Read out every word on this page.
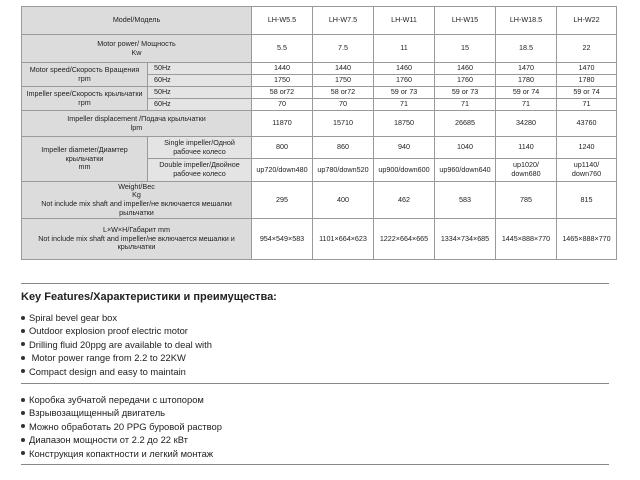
Model/Модель		LH-W5.5	LH-W7.5	LH-W11	LH-W15	LH-W18.5	LH-W22
Motor power/ Мощность
Kw		5.5	7.5	11	15	18.5	22
Motor speed/Скорость Вращения
rpm	50Hz	1440	1440	1460	1460	1470	1470
	60Hz	1750	1750	1760	1760	1780	1780
Impeller spee/Скорость крыльчатки
rpm	50Hz	58 or72	58 or72	59 or 73	59 or 73	59 or 74	59 or 74
	60Hz	70	70	71	71	71	71
Impeller displacement /Подача крыльчатки
lpm		11870	15710	18750	26685	34280	43760
Impeller diameter/Диамтер крыльчатки
mm	Single impeller/Одной рабочее колесо	800	860	940	1040	1140	1240
	Double impeller/Двойное рабочее колесо	up720/down480	up780/down520	up900/down600	up960/down640	up1020/ down680	up1140/ down760
Weight/Вес
Kg
Not include mix shaft and impeller/не включается мешалки рыльчатки		295	400	462	583	785	815
L×W×H/Габарит mm
Not include mix shaft and impeller/не включается мешалки и крыльчатки		954×549×583	1101×664×623	1222×664×665	1334×734×685	1445×888×770	1465×888×770
Key Features/Характеристики и преимущества:
Spiral bevel gear box
Outdoor explosion proof electric motor
Drilling fluid 20ppg are available to deal with
Motor power range from 2.2 to 22KW
Compact design and easy to maintain
Коробка зубчатой передачи с штопором
Взрывозащищенный двигатель
Можно обработать 20 PPG буровой раствор
Диапазон мощности от 2.2 до 22 кВт
Конструкция копактности и легкий монтаж
